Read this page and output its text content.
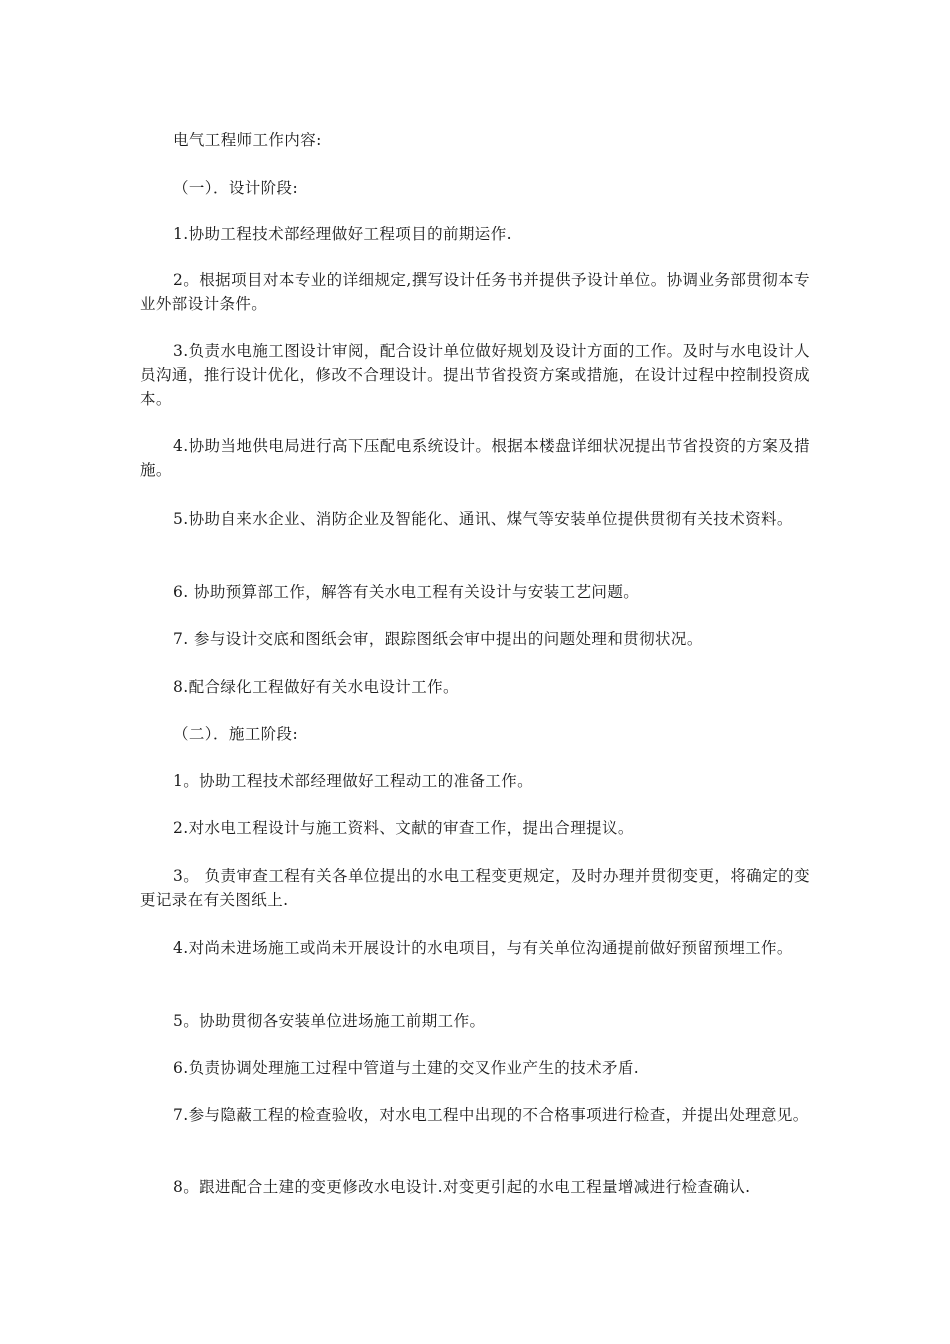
电气工程师工作内容:

（一）．设计阶段:

1.协助工程技术部经理做好工程项目的前期运作.

2。根据项目对本专业的详细规定,撰写设计任务书并提供予设计单位。协调业务部贯彻本专业外部设计条件。

3.负责水电施工图设计审阅，配合设计单位做好规划及设计方面的工作。及时与水电设计人员沟通，推行设计优化，修改不合理设计。提出节省投资方案或措施，在设计过程中控制投资成本。

4.协助当地供电局进行高下压配电系统设计。根据本楼盘详细状况提出节省投资的方案及措施。

5.协助自来水企业、消防企业及智能化、通讯、煤气等安装单位提供贯彻有关技术资料。

6. 协助预算部工作，解答有关水电工程有关设计与安装工艺问题。

7. 参与设计交底和图纸会审，跟踪图纸会审中提出的问题处理和贯彻状况。

8.配合绿化工程做好有关水电设计工作。

（二）．施工阶段:

1。协助工程技术部经理做好工程动工的准备工作。

2.对水电工程设计与施工资料、文献的审查工作，提出合理提议。

3。 负责审查工程有关各单位提出的水电工程变更规定，及时办理并贯彻变更，将确定的变更记录在有关图纸上.

4.对尚未进场施工或尚未开展设计的水电项目，与有关单位沟通提前做好预留预埋工作。

5。协助贯彻各安装单位进场施工前期工作。

6.负责协调处理施工过程中管道与土建的交叉作业产生的技术矛盾.

7.参与隐蔽工程的检查验收，对水电工程中出现的不合格事项进行检查，并提出处理意见。

8。跟进配合土建的变更修改水电设计.对变更引起的水电工程量增减进行检查确认.
